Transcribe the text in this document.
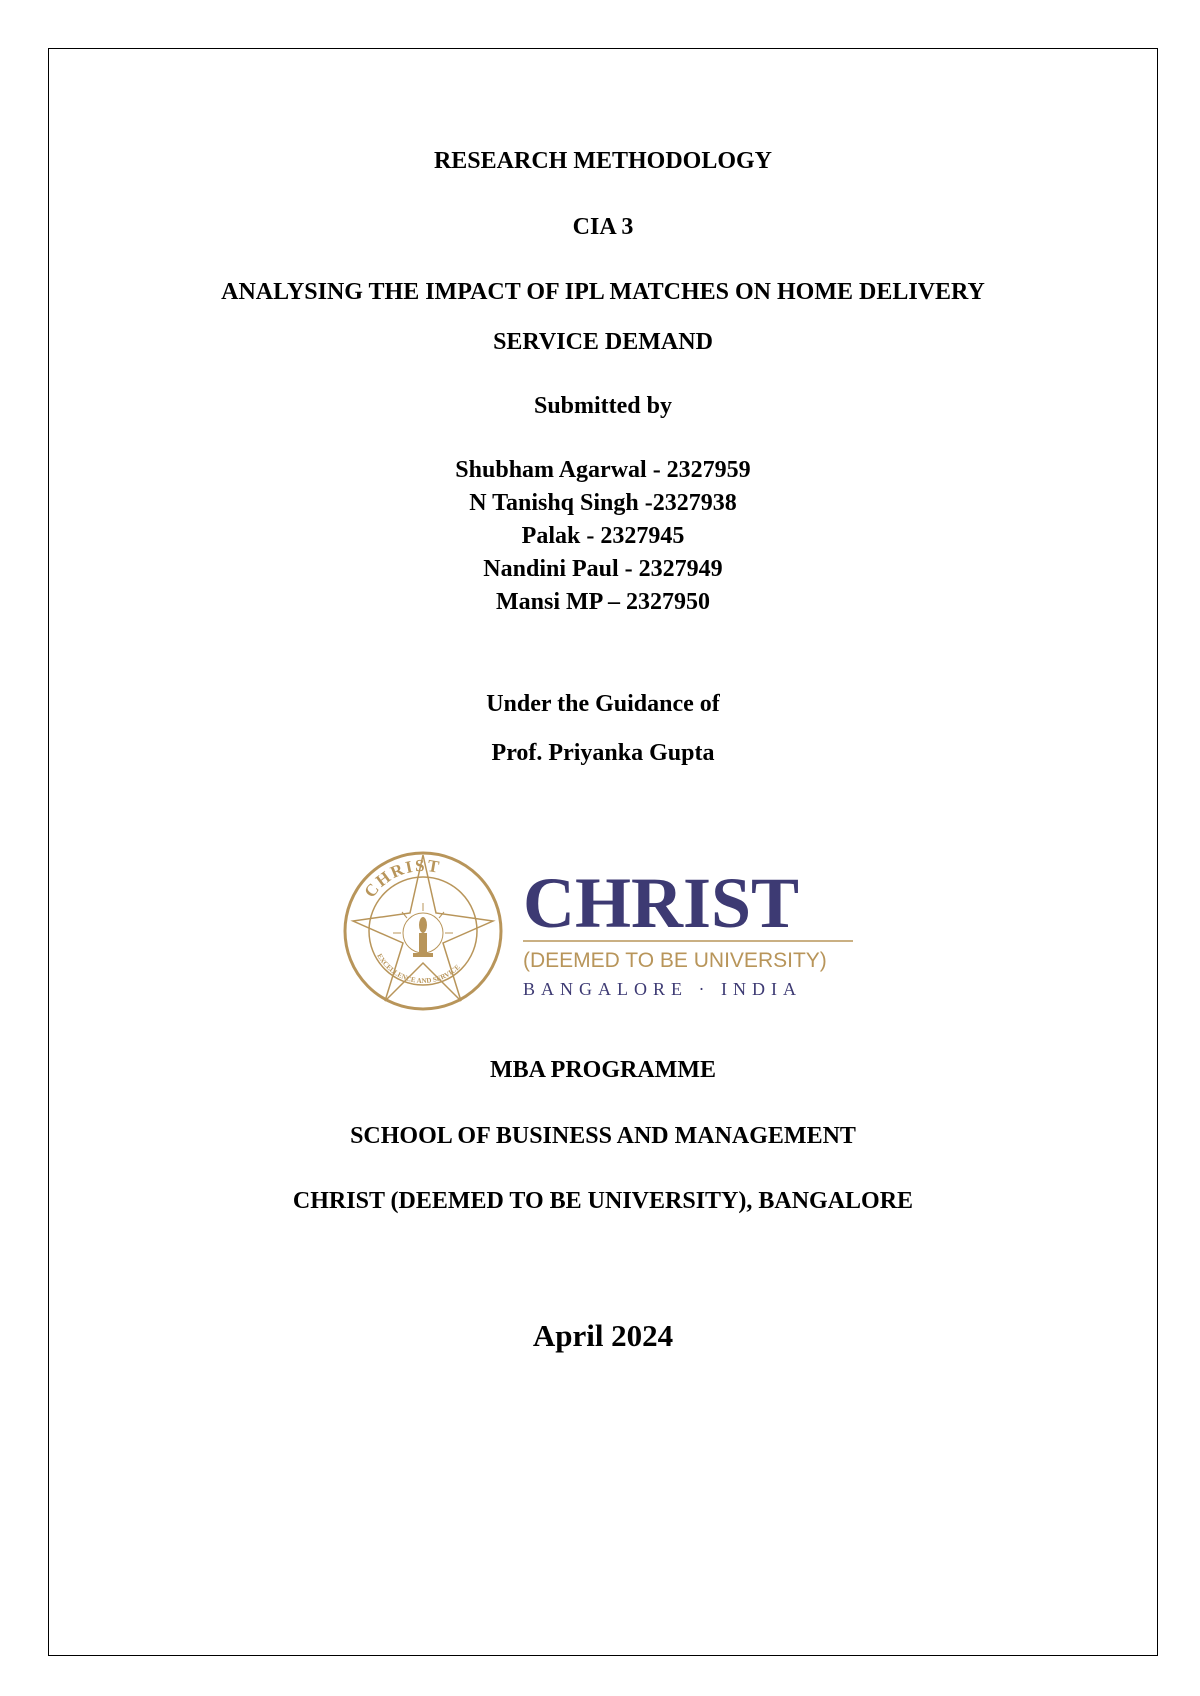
RESEARCH METHODOLOGY
CIA 3
ANALYSING THE IMPACT OF IPL MATCHES ON HOME DELIVERY
SERVICE DEMAND
Submitted by
Shubham Agarwal - 2327959
N Tanishq Singh -2327938
Palak - 2327945
Nandini Paul - 2327949
Mansi MP – 2327950
Under the Guidance of
Prof. Priyanka Gupta
CHRIST
EXCELLENCE AND SERVICE
CHRIST
(DEEMED TO BE UNIVERSITY)
BANGALORE · INDIA
MBA PROGRAMME
SCHOOL OF BUSINESS AND MANAGEMENT
CHRIST (DEEMED TO BE UNIVERSITY), BANGALORE
April 2024
